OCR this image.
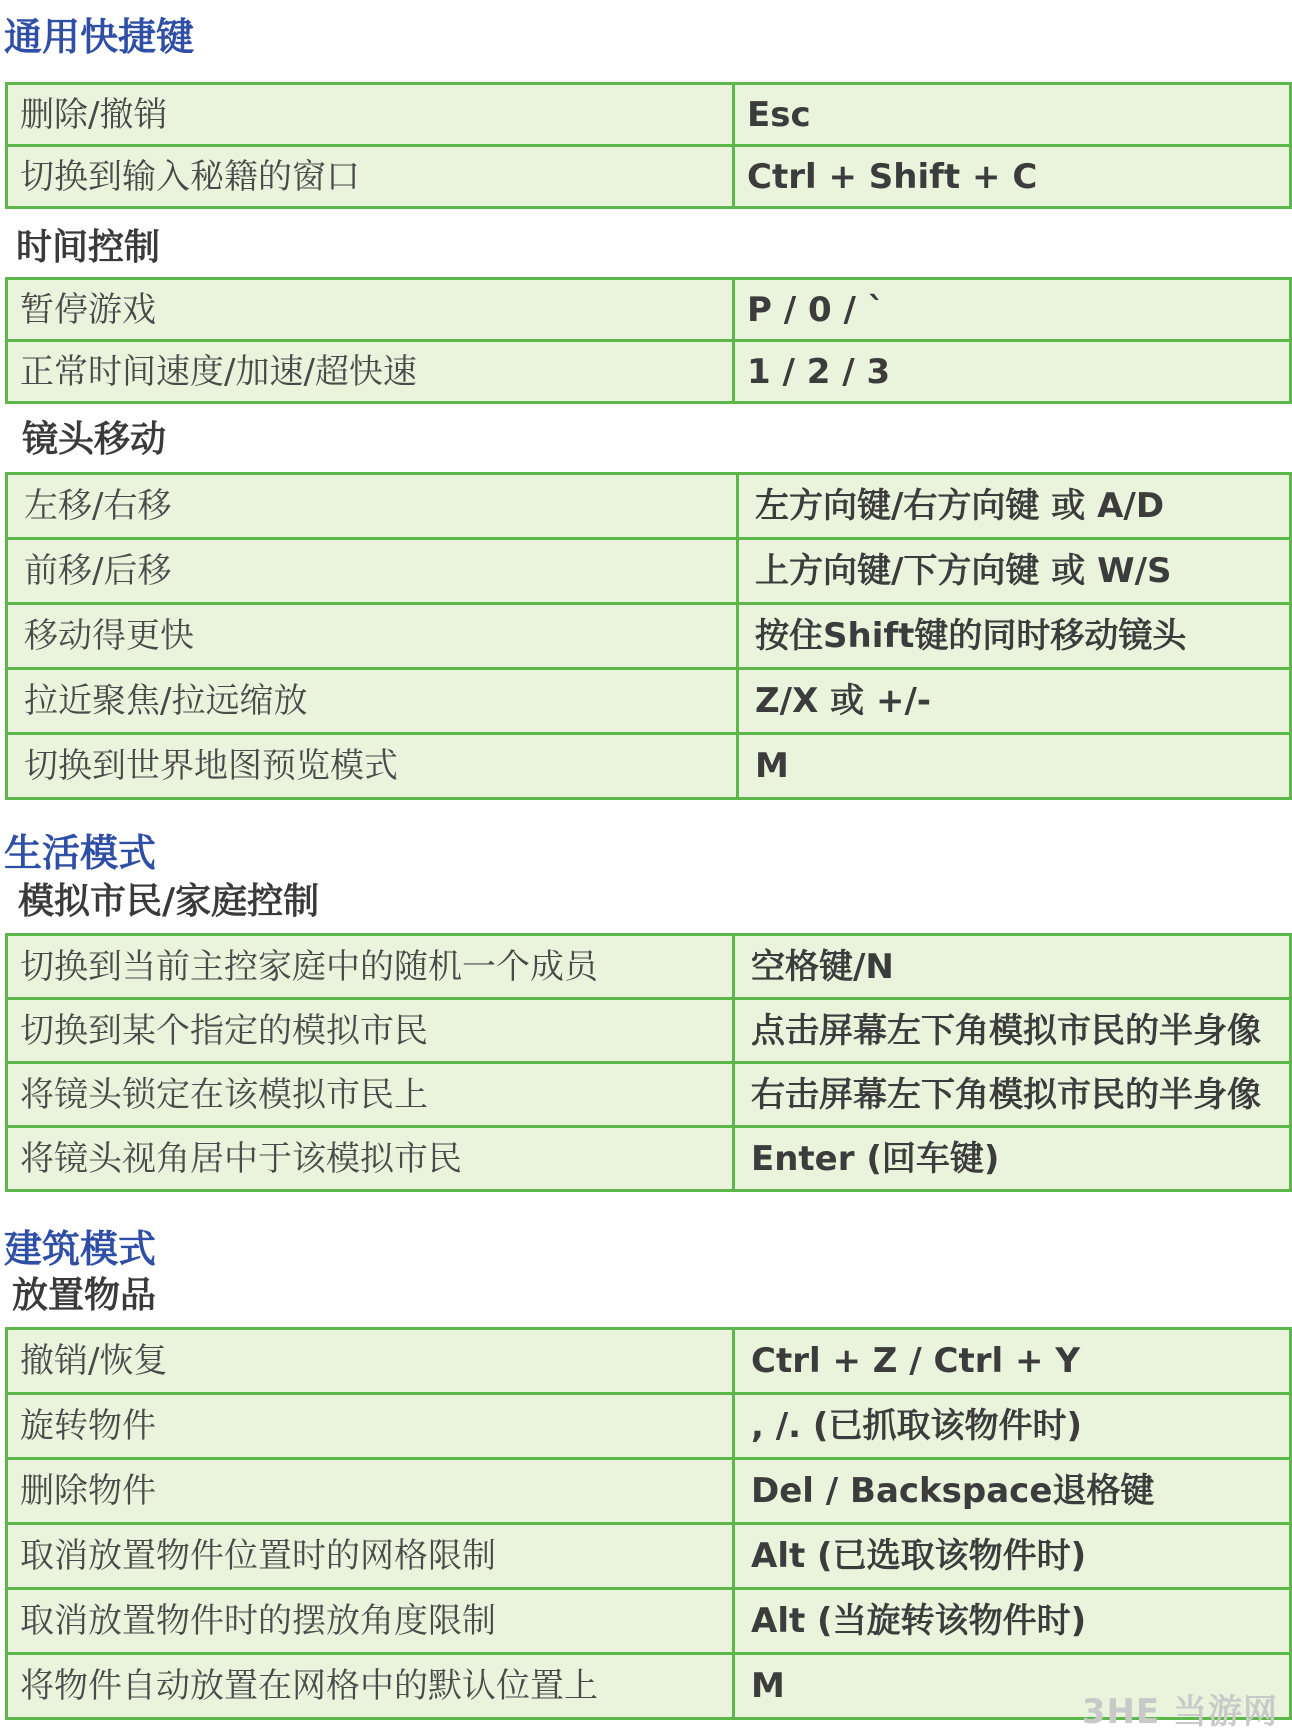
通用快捷键
删除/撤销	Esc
切换到输入秘籍的窗口	Ctrl + Shift + C
时间控制
暂停游戏	P / 0 / `
正常时间速度/加速/超快速	1 / 2 / 3
镜头移动
左移/右移	左方向键/右方向键 或 A/D
前移/后移	上方向键/下方向键 或 W/S
移动得更快	按住Shift键的同时移动镜头
拉近聚焦/拉远缩放	Z/X 或 +/-
切换到世界地图预览模式	M
生活模式
模拟市民/家庭控制
切换到当前主控家庭中的随机一个成员	空格键/N
切换到某个指定的模拟市民	点击屏幕左下角模拟市民的半身像
将镜头锁定在该模拟市民上	右击屏幕左下角模拟市民的半身像
将镜头视角居中于该模拟市民	Enter (回车键)
建筑模式
放置物品
撤销/恢复	Ctrl + Z / Ctrl + Y
旋转物件	, /. (已抓取该物件时)
删除物件	Del / Backspace退格键
取消放置物件位置时的网格限制	Alt (已选取该物件时)
取消放置物件时的摆放角度限制	Alt (当旋转该物件时)
将物件自动放置在网格中的默认位置上	M
3HE 当游网
